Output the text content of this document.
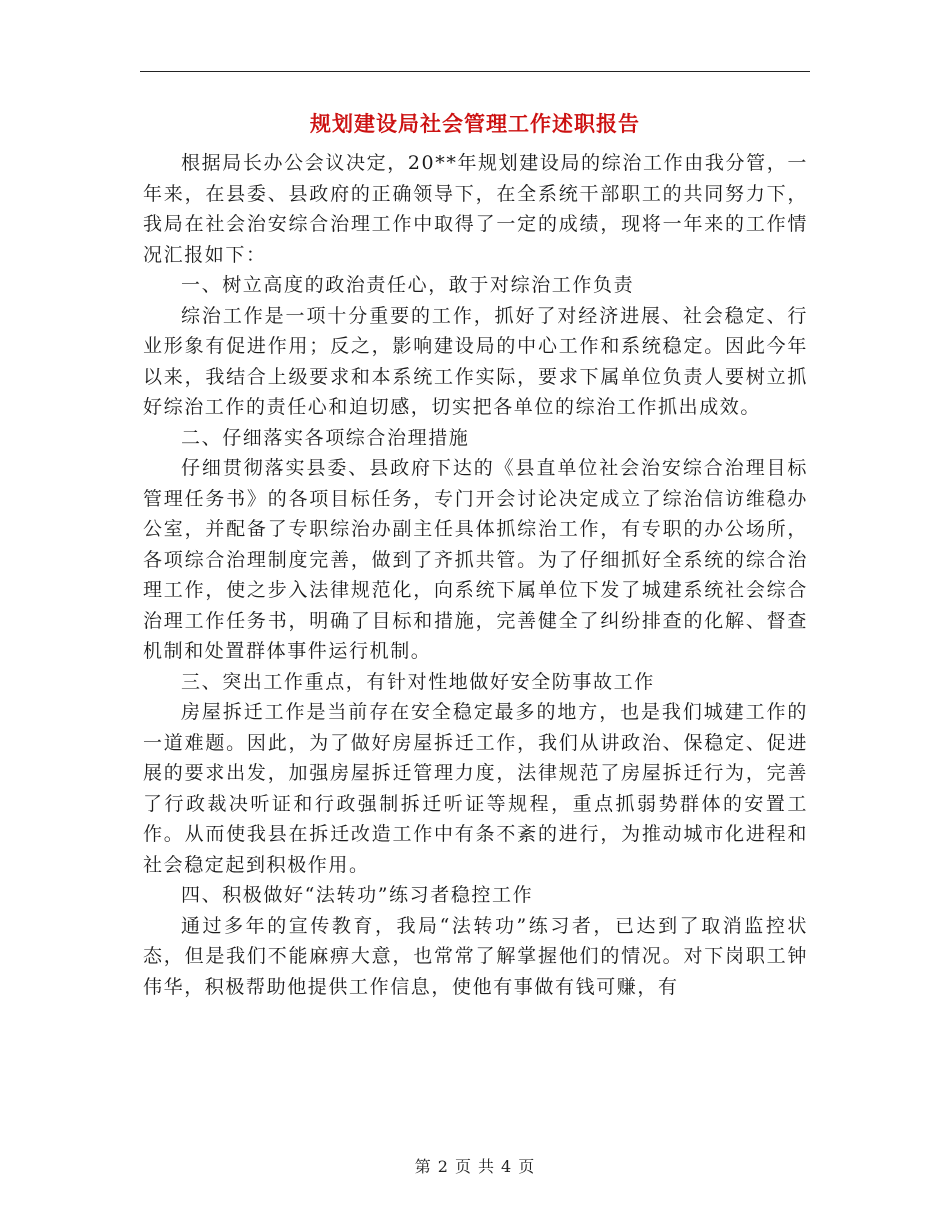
规划建设局社会管理工作述职报告

根据局长办公会议决定，20**年规划建设局的综治工作由我分管，一年来，在县委、县政府的正确领导下，在全系统干部职工的共同努力下，我局在社会治安综合治理工作中取得了一定的成绩，现将一年来的工作情况汇报如下：

一、树立高度的政治责任心，敢于对综治工作负责

综治工作是一项十分重要的工作，抓好了对经济进展、社会稳定、行业形象有促进作用；反之，影响建设局的中心工作和系统稳定。因此今年以来，我结合上级要求和本系统工作实际，要求下属单位负责人要树立抓好综治工作的责任心和迫切感，切实把各单位的综治工作抓出成效。

二、仔细落实各项综合治理措施

仔细贯彻落实县委、县政府下达的《县直单位社会治安综合治理目标管理任务书》的各项目标任务，专门开会讨论决定成立了综治信访维稳办公室，并配备了专职综治办副主任具体抓综治工作，有专职的办公场所，各项综合治理制度完善，做到了齐抓共管。为了仔细抓好全系统的综合治理工作，使之步入法律规范化，向系统下属单位下发了城建系统社会综合治理工作任务书，明确了目标和措施，完善健全了纠纷排查的化解、督查机制和处置群体事件运行机制。

三、突出工作重点，有针对性地做好安全防事故工作

房屋拆迁工作是当前存在安全稳定最多的地方，也是我们城建工作的一道难题。因此，为了做好房屋拆迁工作，我们从讲政治、保稳定、促进展的要求出发，加强房屋拆迁管理力度，法律规范了房屋拆迁行为，完善了行政裁决听证和行政强制拆迁听证等规程，重点抓弱势群体的安置工作。从而使我县在拆迁改造工作中有条不紊的进行，为推动城市化进程和社会稳定起到积极作用。

四、积极做好“法转功”练习者稳控工作

通过多年的宣传教育，我局“法转功”练习者，已达到了取消监控状态，但是我们不能麻痹大意，也常常了解掌握他们的情况。对下岗职工钟伟华，积极帮助他提供工作信息，使他有事做有钱可赚，有

第 2 页 共 4 页
